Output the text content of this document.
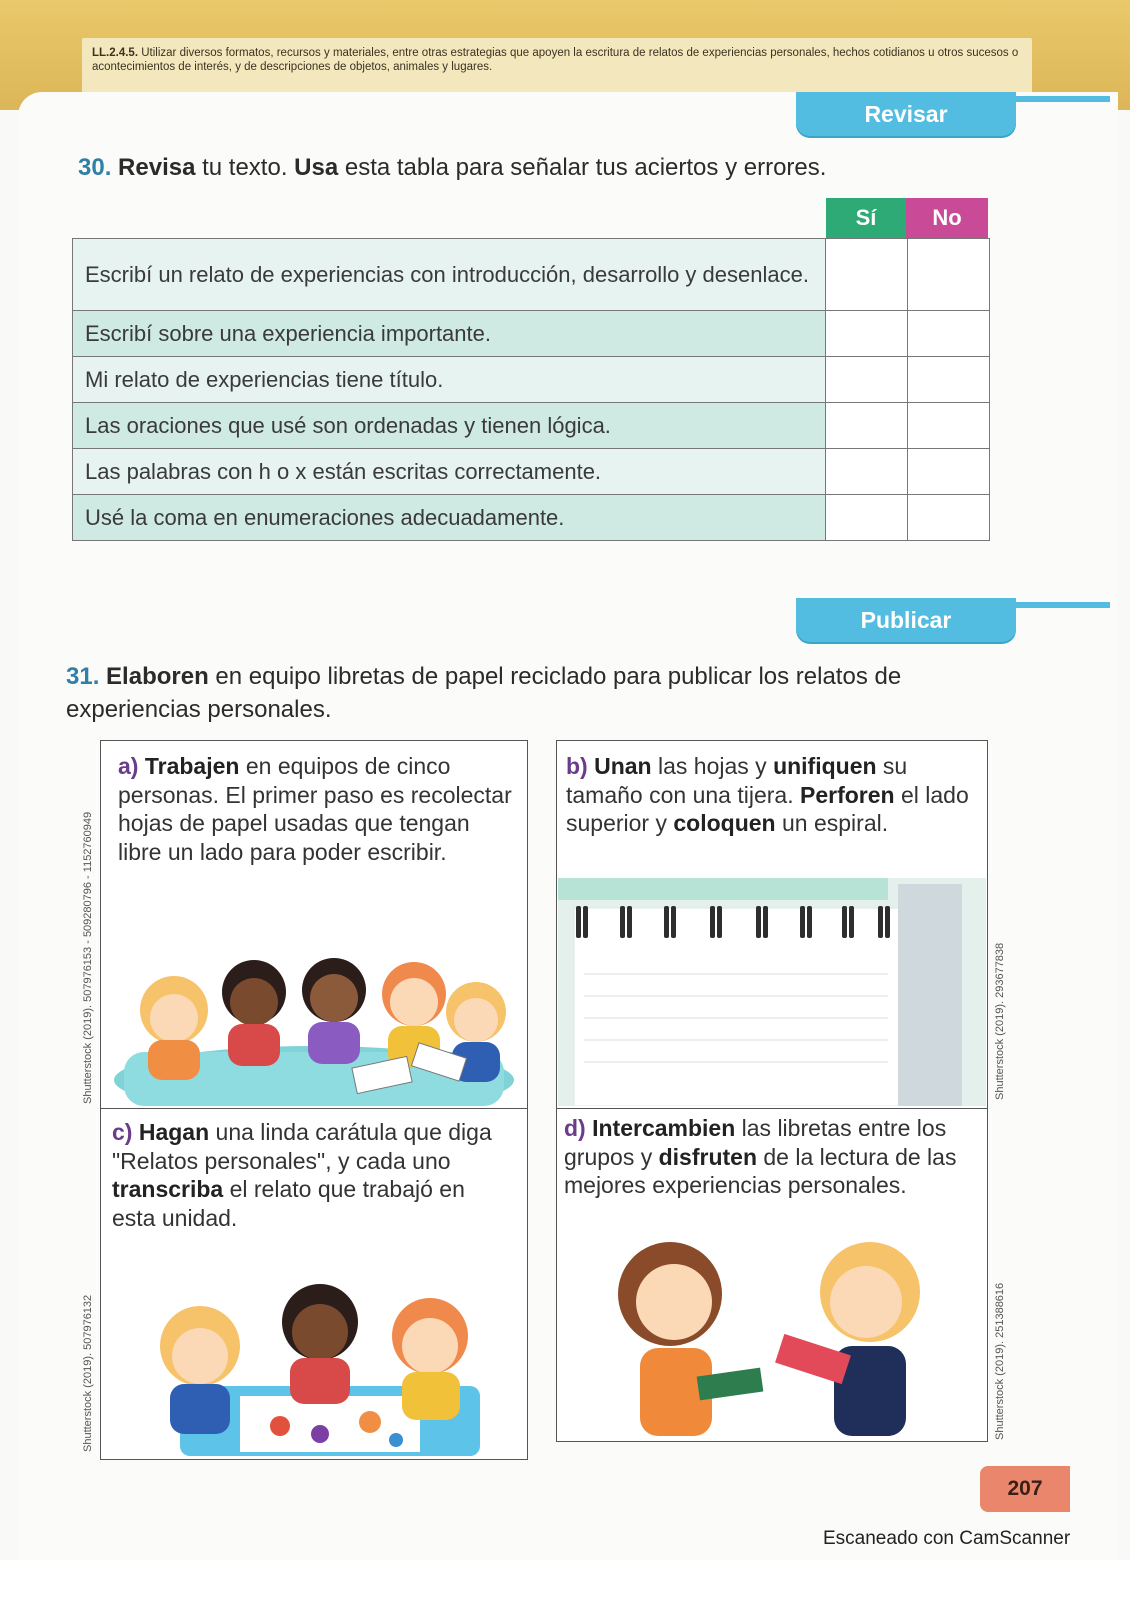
LL.2.4.5. Utilizar diversos formatos, recursos y materiales, entre otras estrategias que apoyen la escritura de relatos de experiencias personales, hechos cotidianos u otros sucesos o acontecimientos de interés, y de descripciones de objetos, animales y lugares.
Revisar
30. Revisa tu texto. Usa esta tabla para señalar tus aciertos y errores.
Sí	No
Escribí un relato de experiencias con introducción, desarrollo y desenlace.
Escribí sobre una experiencia importante.
Mi relato de experiencias tiene título.
Las oraciones que usé son ordenadas y tienen lógica.
Las palabras con h o x están escritas correctamente.
Usé la coma en enumeraciones adecuadamente.
Publicar
31. Elaboren en equipo libretas de papel reciclado para publicar los relatos de experiencias personales.
a) Trabajen en equipos de cinco personas. El primer paso es recolectar hojas de papel usadas que tengan libre un lado para poder escribir.
b) Unan las hojas y unifiquen su tamaño con una tijera. Perforen el lado superior y coloquen un espiral.
c) Hagan una linda carátula que diga "Relatos personales", y cada uno transcriba el relato que trabajó en esta unidad.
d) Intercambien las libretas entre los grupos y disfruten de la lectura de las mejores experiencias personales.
Shutterstock (2019). 507976153 - 509280796 - 1152760949	Shutterstock (2019). 293677838
Shutterstock (2019). 507976132	Shutterstock (2019). 251388616
207
Escaneado con CamScanner
